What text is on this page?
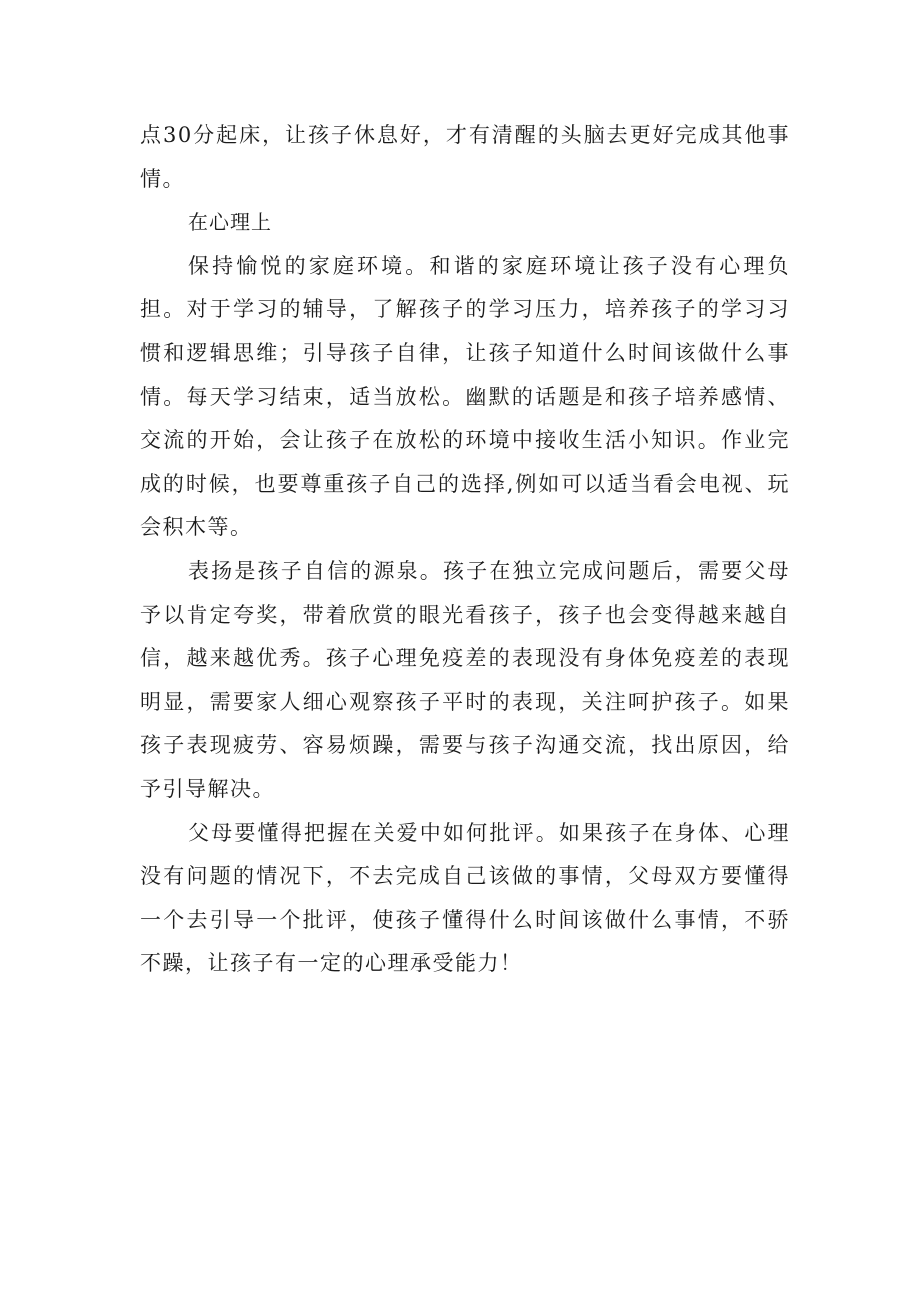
点30分起床，让孩子休息好，才有清醒的头脑去更好完成其他事情。

在心理上

保持愉悦的家庭环境。和谐的家庭环境让孩子没有心理负担。对于学习的辅导，了解孩子的学习压力，培养孩子的学习习惯和逻辑思维；引导孩子自律，让孩子知道什么时间该做什么事情。每天学习结束，适当放松。幽默的话题是和孩子培养感情、交流的开始，会让孩子在放松的环境中接收生活小知识。作业完成的时候，也要尊重孩子自己的选择,例如可以适当看会电视、玩会积木等。

表扬是孩子自信的源泉。孩子在独立完成问题后，需要父母予以肯定夸奖，带着欣赏的眼光看孩子，孩子也会变得越来越自信，越来越优秀。孩子心理免疫差的表现没有身体免疫差的表现明显，需要家人细心观察孩子平时的表现，关注呵护孩子。如果孩子表现疲劳、容易烦躁，需要与孩子沟通交流，找出原因，给予引导解决。

父母要懂得把握在关爱中如何批评。如果孩子在身体、心理没有问题的情况下，不去完成自己该做的事情，父母双方要懂得一个去引导一个批评，使孩子懂得什么时间该做什么事情，不骄不躁，让孩子有一定的心理承受能力！
